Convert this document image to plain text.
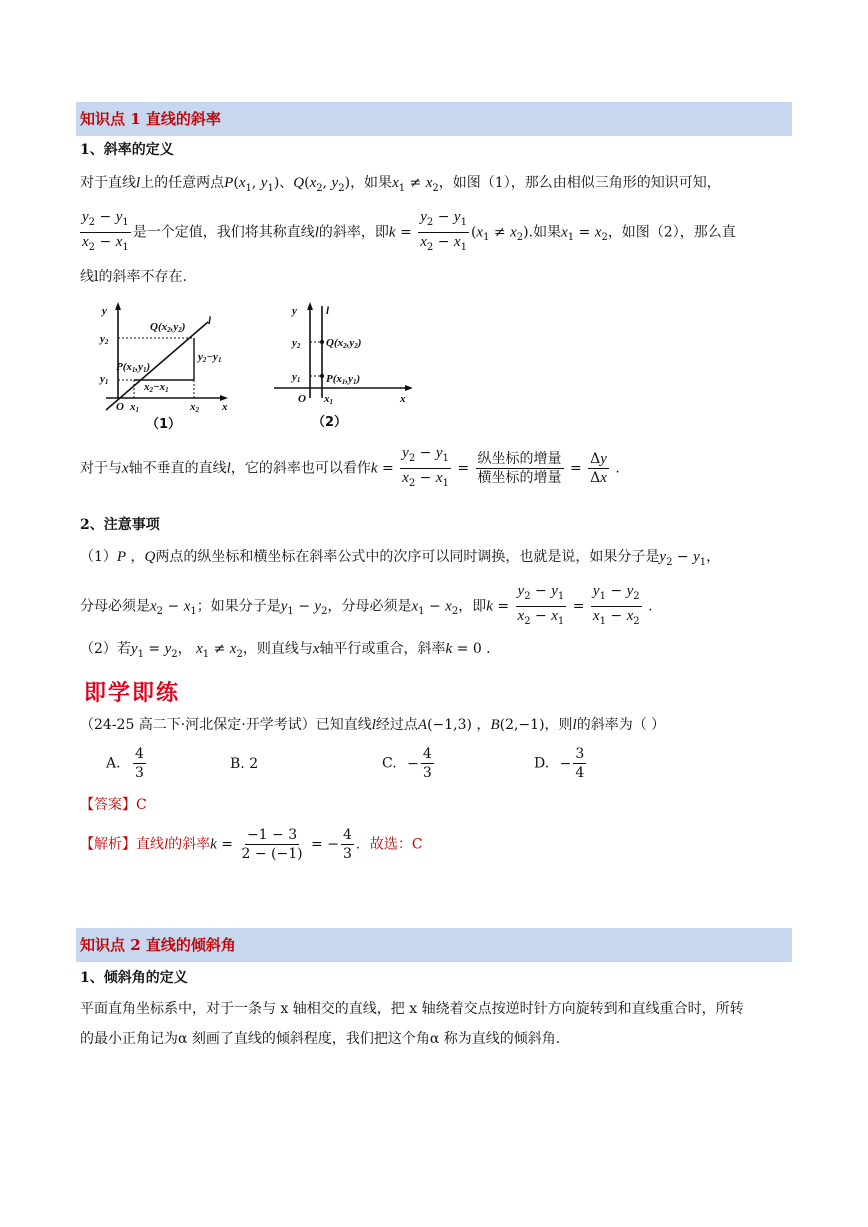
知识点 1 直线的斜率
1、斜率的定义
对于直线l上的任意两点$P(x_1$, $y_1$)、$Q(x_2$, $y_2$)，如果$x_1 \ne x_2$，如图（1），那么由相似三角形的知识可知，
$\frac{y_2 - y_1}{x_2 - x_1}$ 是一个定值，我们将其称直线l的斜率，即$k = \frac{y_2 - y_1}{x_2 - x_1} (x_1 \ne x_2)$.如果$x_1 = x_2$，如图（2），那么直
线l的斜率不存在.
y
l
y2
y1
Q(x2,y2)
P(x1,y1)
y2−y1
x2−x1
O x1	x2 x
（1）
y	l
y2
y1
Q(x2,y2)
P(x1,y1)
O x1	x
（2）
对于与x轴不垂直的直线l，它的斜率也可以看作$k = \frac{y_2 - y_1}{x_2 - x_1} = \frac{\text{纵坐标的增量}}{\text{横坐标的增量}} = \frac{\Delta y}{\Delta x}$ .
2、注意事项
（1）P ，Q两点的纵坐标和横坐标在斜率公式中的次序可以同时调换，也就是说，如果分子是$y_2 - y_1$，
分母必须是$x_2 - x_1$；如果分子是$y_1 - y_2$，分母必须是$x_1 - x_2$，即$k = \frac{y_2 - y_1}{x_2 - x_1} = \frac{y_1 - y_2}{x_1 - x_2}$ .
（2）若$y_1 = y_2$， $x_1 \ne x_2$，则直线与x轴平行或重合，斜率k = 0 .
即学即练
（24-25 高二下·河北保定·开学考试）已知直线l经过点A(−1,3) ，B(2,−1)，则l的斜率为（ ）
A. $\frac{4}{3}$	B. 2	C. − $\frac{4}{3}$	D. − $\frac{3}{4}$
【答案】C
【解析】直线l的斜率$k = \frac{-1 - 3}{2 - (-1)}$ = − $\frac{4}{3}$ ．故选：C
知识点 2 直线的倾斜角
1、倾斜角的定义
平面直角坐标系中，对于一条与 x 轴相交的直线，把 x 轴绕着交点按逆时针方向旋转到和直线重合时，所转
的最小正角记为α 刻画了直线的倾斜程度，我们把这个角α 称为直线的倾斜角.
